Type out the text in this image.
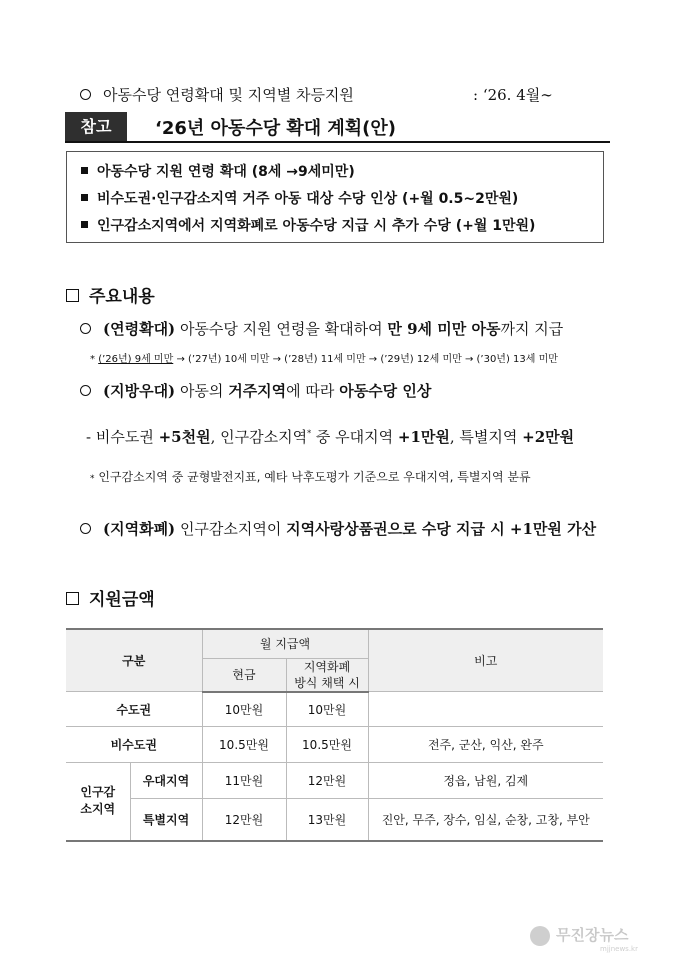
아동수당 연령확대 및 지역별 차등지원	: ‘26. 4월∼
참고	‘26년 아동수당 확대 계획(안)
아동수당 지원 연령 확대 (8세 →9세미만)
비수도권·인구감소지역 거주 아동 대상 수당 인상 (+월 0.5~2만원)
인구감소지역에서 지역화폐로 아동수당 지급 시 추가 수당 (+월 1만원)
주요내용
(연령확대) 아동수당 지원 연령을 확대하여 만 9세 미만 아동까지 지급
* (’26년) 9세 미만 → (’27년) 10세 미만 → (’28년) 11세 미만 → (’29년) 12세 미만 → (’30년) 13세 미만
(지방우대) 아동의 거주지역에 따라 아동수당 인상
- 비수도권 +5천원, 인구감소지역* 중 우대지역 +1만원, 특별지역 +2만원
* 인구감소지역 중 균형발전지표, 예타 낙후도평가 기준으로 우대지역, 특별지역 분류
(지역화폐) 인구감소지역이 지역사랑상품권으로 수당 지급 시 +1만원 가산
지원금액
구분		월 지급액		비고
		현금	지역화폐
방식 채택 시	

수도권		10만원	10만원	
비수도권		10.5만원	10.5만원	전주, 군산, 익산, 완주

인구감
소지역	우대지역	11만원	12만원	정읍, 남원, 김제
	특별지역	12만원	13만원	진안, 무주, 장수, 임실, 순창, 고창, 부안
무진장뉴스
mjjnews.kr
